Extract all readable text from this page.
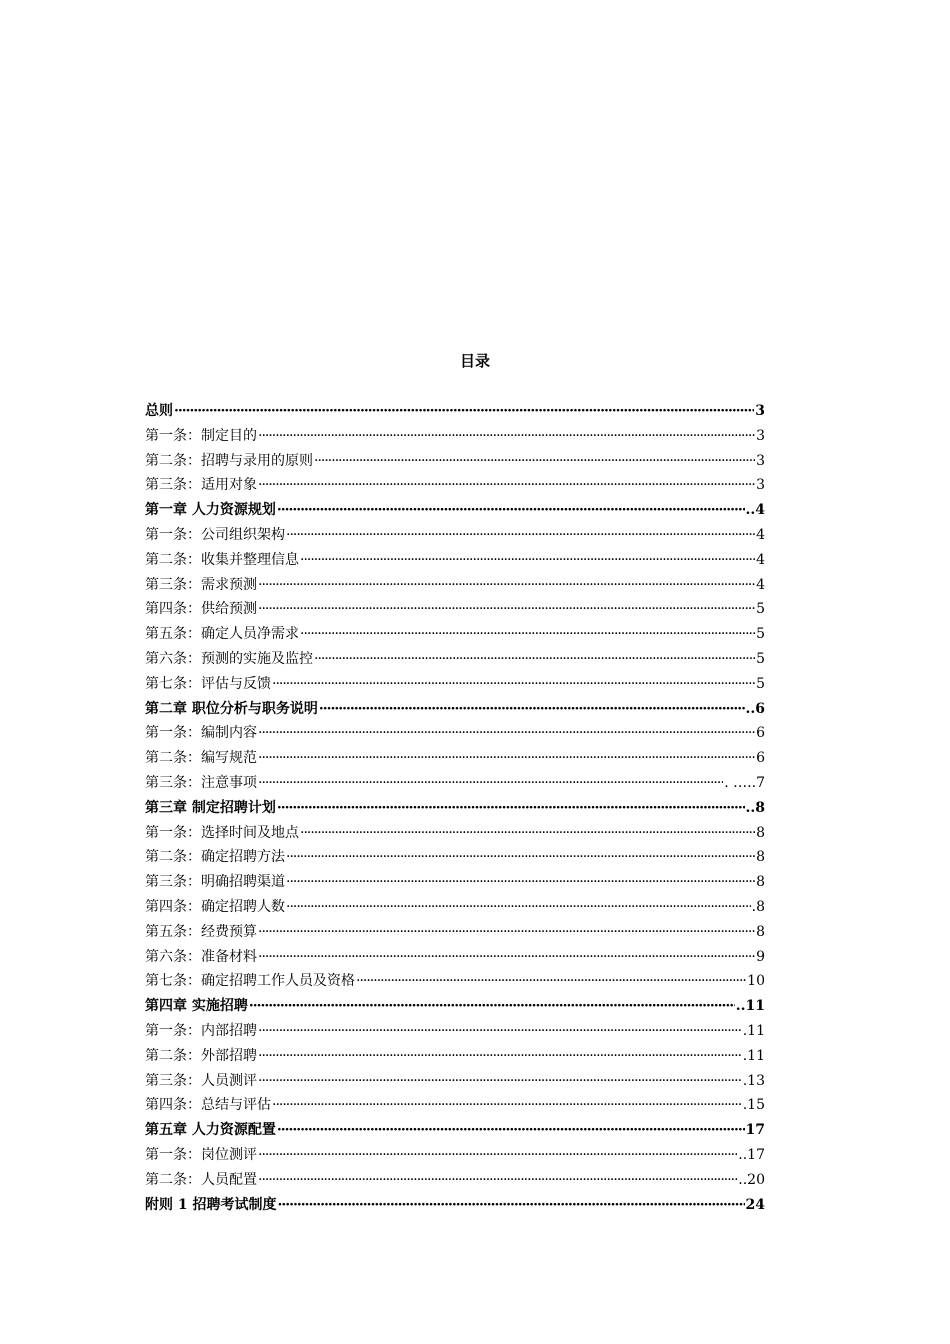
目录
总则 ·····	3
第一条：制定目的 ·····	3
第二条：招聘与录用的原则 ·····	3
第三条：适用对象 ·····	3
第一章 人力资源规划 ·····	..4
第一条：公司组织架构 ·····	4
第二条：收集并整理信息 ·····	4
第三条：需求预测 ·····	4
第四条：供给预测 ·····	5
第五条：确定人员净需求 ·····	5
第六条：预测的实施及监控 ·····	5
第七条：评估与反馈 ·····	5
第二章 职位分析与职务说明 ·····	..6
第一条：编制内容 ·····	6
第二条：编写规范 ·····	6
第三条：注意事项 ·····	. …..7
第三章 制定招聘计划 ·····	..8
第一条：选择时间及地点 ·····	8
第二条：确定招聘方法 ·····	8
第三条：明确招聘渠道 ·····	8
第四条：确定招聘人数 ·····	.8
第五条：经费预算 ·····	8
第六条：准备材料 ·····	9
第七条：确定招聘工作人员及资格 ·····	10
第四章 实施招聘 ·····	..11
第一条：内部招聘 ·····	.11
第二条：外部招聘 ·····	.11
第三条：人员测评 ·····	.13
第四条：总结与评估 ·····	.15
第五章 人力资源配置 ·····	17
第一条：岗位测评 ·····	..17
第二条：人员配置 ·····	..20
附则 1 招聘考试制度 ·····	24
